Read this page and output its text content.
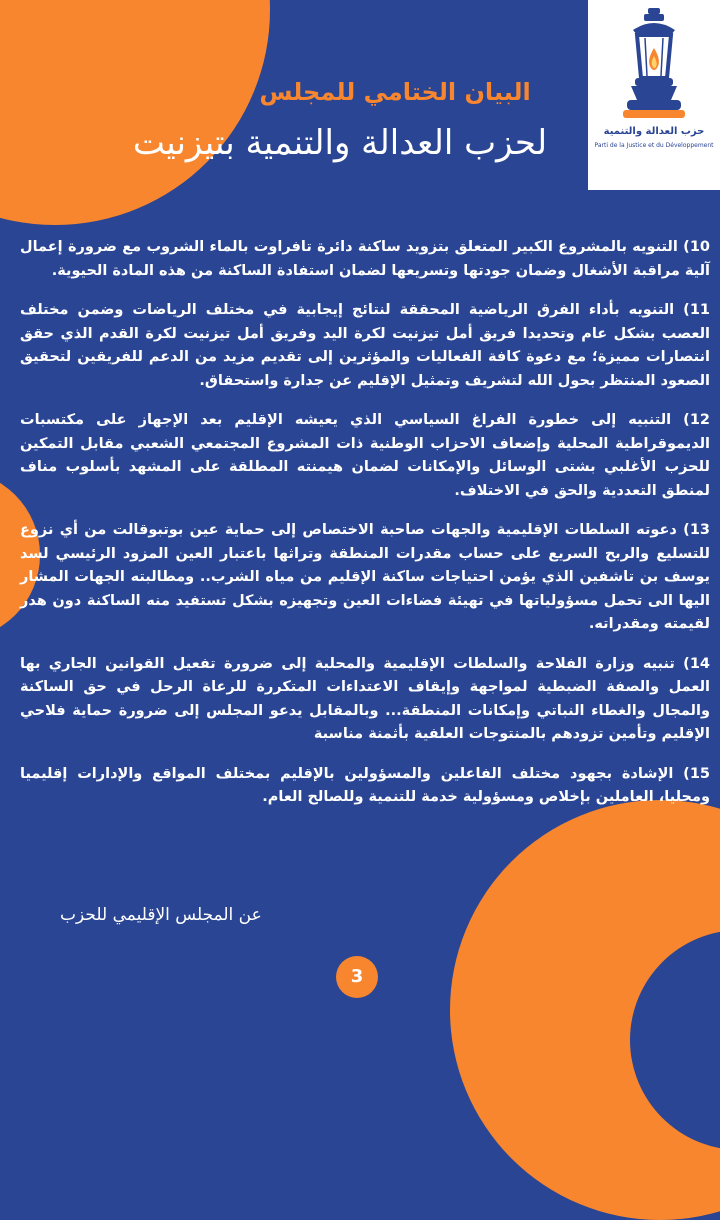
حزب العدالة والتنمية
Parti de la Justice et du Développement
البيان الختامي للمجلس الإقليمي
لحزب العدالة والتنمية بتيزنيت

10) التنويه بالمشروع الكبير المتعلق بتزويد ساكنة دائرة تافراوت بالماء الشروب مع ضرورة إعمال آلية مراقبة الأشغال وضمان جودتها وتسريعها لضمان استفادة الساكنة من هذه المادة الحيوية.

11) التنويه بأداء الفرق الرياضية المحققة لنتائج إيجابية في مختلف الرياضات وضمن مختلف العصب بشكل عام وتحديدا فريق أمل تيزنيت لكرة اليد وفريق أمل تيزنيت لكرة القدم الذي حقق انتصارات مميزة؛ مع دعوة كافة الفعاليات والمؤثرين إلى تقديم مزيد من الدعم للفريقين لتحقيق الصعود المنتظر بحول الله لتشريف وتمثيل الإقليم عن جدارة واستحقاق.

12) التنبيه إلى خطورة الفراغ السياسي الذي يعيشه الإقليم بعد الإجهاز على مكتسبات الديموقراطية المحلية وإضعاف الاحزاب الوطنية ذات المشروع المجتمعي الشعبي مقابل التمكين للحزب الأغلبي بشتى الوسائل والإمكانات لضمان هيمنته المطلقة على المشهد بأسلوب مناف لمنطق التعددية والحق في الاختلاف.

13) دعوته السلطات الإقليمية والجهات صاحبة الاختصاص إلى حماية عين بوتبوقالت من أي نزوع للتسليع والربح السريع على حساب مقدرات المنطقة وتراثها باعتبار العين المزود الرئيسي لسد يوسف بن تاشفين الذي يؤمن احتياجات ساكنة الإقليم من مياه الشرب.. ومطالبته الجهات المشار اليها الى تحمل مسؤولياتها في تهيئة فضاءات العين وتجهيزه بشكل تستفيد منه الساكنة دون هدر لقيمته ومقدراته.

14) تنبيه وزارة الفلاحة والسلطات الإقليمية والمحلية إلى ضرورة تفعيل القوانين الجاري بها العمل والصفة الضبطية لمواجهة وإيقاف الاعتداءات المتكررة للرعاة الرحل في حق الساكنة والمجال والغطاء النباتي وإمكانات المنطقة... وبالمقابل يدعو المجلس إلى ضرورة حماية فلاحي الإقليم وتأمين تزودهم بالمنتوجات العلفية بأثمنة مناسبة

15) الإشادة بجهود مختلف الفاعلين والمسؤولين بالإقليم بمختلف المواقع والإدارات إقليميا ومحليا، العاملين بإخلاص ومسؤولية خدمة للتنمية وللصالح العام.

عن المجلس الإقليمي للحزب
3
